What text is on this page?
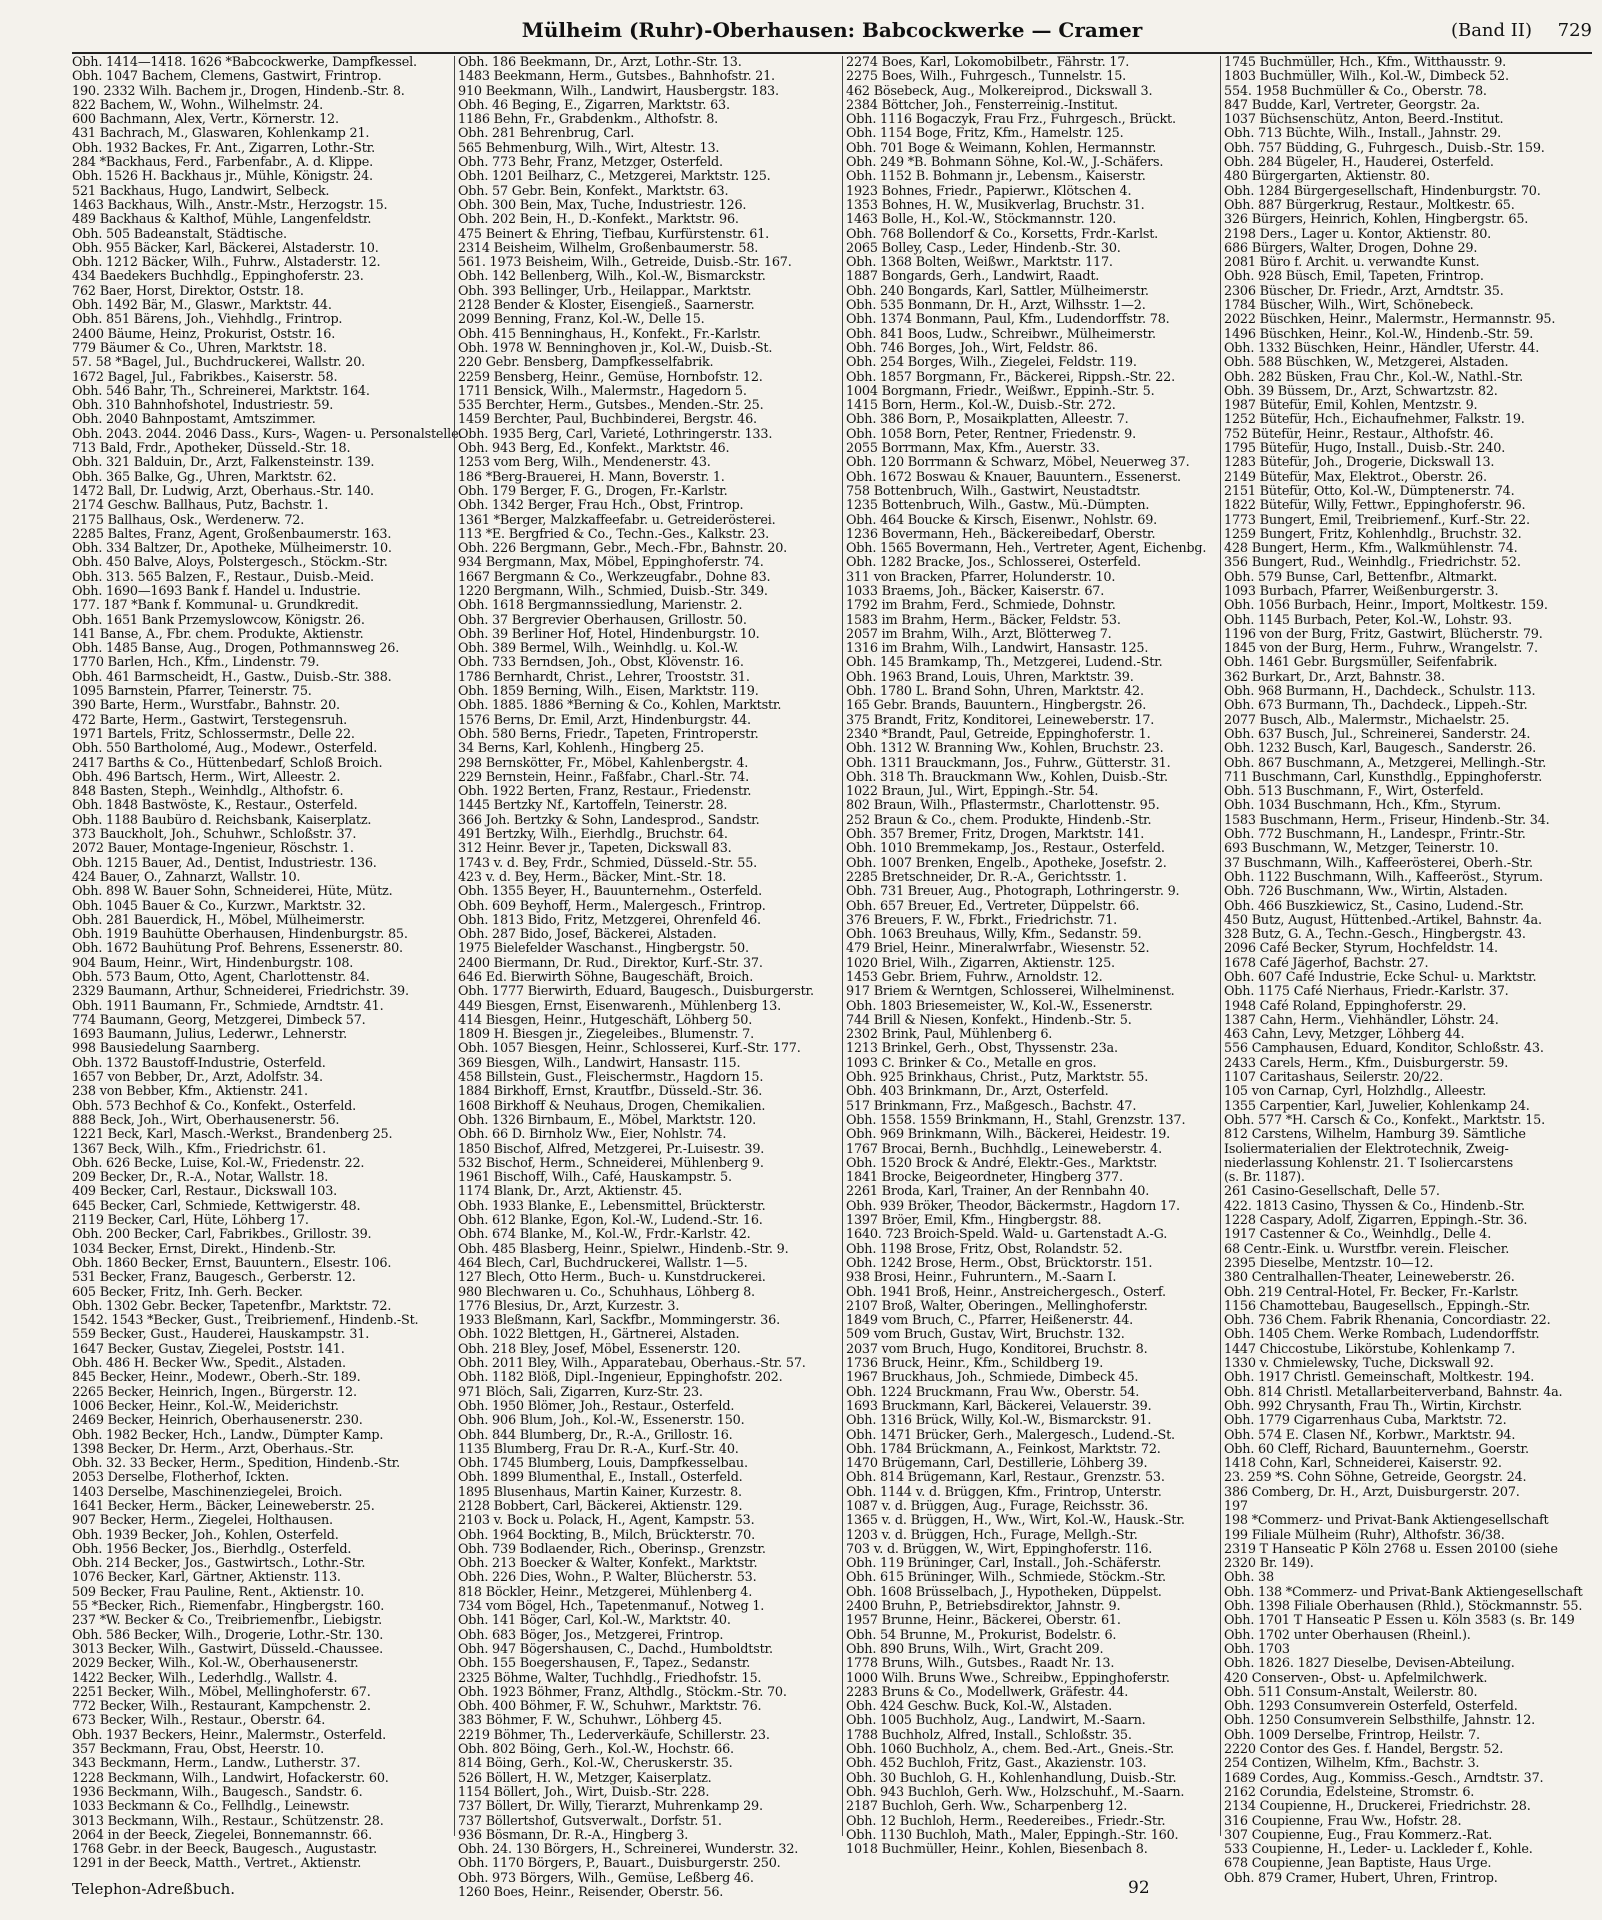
Mülheim (Ruhr)-Oberhausen: Babcockwerke — Cramer	(Band II) 729
Obh. 1414—1418. 1626 *Babcockwerke, Dampfkessel.
Obh. 1047 Bachem, Clemens, Gastwirt, Frintrop.
190. 2332 Wilh. Bachem jr., Drogen, Hindenb.-Str. 8.
822 Bachem, W., Wohn., Wilhelmstr. 24.
600 Bachmann, Alex, Vertr., Körnerstr. 12.
431 Bachrach, M., Glaswaren, Kohlenkamp 21.
Obh. 1932 Backes, Fr. Ant., Zigarren, Lothr.-Str.
284 *Backhaus, Ferd., Farbenfabr., A. d. Klippe.
Obh. 1526 H. Backhaus jr., Mühle, Königstr. 24.
521 Backhaus, Hugo, Landwirt, Selbeck.
1463 Backhaus, Wilh., Anstr.-Mstr., Herzogstr. 15.
489 Backhaus & Kalthof, Mühle, Langenfeldstr.
Obh. 505 Badeanstalt, Städtische.
Obh. 955 Bäcker, Karl, Bäckerei, Alstaderstr. 10.
Obh. 1212 Bäcker, Wilh., Fuhrw., Alstaderstr. 12.
434 Baedekers Buchhdlg., Eppinghoferstr. 23.
762 Baer, Horst, Direktor, Oststr. 18.
Obh. 1492 Bär, M., Glaswr., Marktstr. 44.
Obh. 851 Bärens, Joh., Viehhdlg., Frintrop.
2400 Bäume, Heinz, Prokurist, Oststr. 16.
779 Bäumer & Co., Uhren, Marktstr. 18.
57. 58 *Bagel, Jul., Buchdruckerei, Wallstr. 20.
1672 Bagel, Jul., Fabrikbes., Kaiserstr. 58.
Obh. 546 Bahr, Th., Schreinerei, Marktstr. 164.
Obh. 310 Bahnhofshotel, Industriestr. 59.
Obh. 2040 Bahnpostamt, Amtszimmer.
Obh. 2043. 2044. 2046 Dass., Kurs-, Wagen- u. Personalstelle.
713 Bald, Frdr., Apotheker, Düsseld.-Str. 18.
Obh. 321 Balduin, Dr., Arzt, Falkensteinstr. 139.
Obh. 365 Balke, Gg., Uhren, Marktstr. 62.
1472 Ball, Dr. Ludwig, Arzt, Oberhaus.-Str. 140.
2174 Geschw. Ballhaus, Putz, Bachstr. 1.
2175 Ballhaus, Osk., Werdenerw. 72.
2285 Baltes, Franz, Agent, Großenbaumerstr. 163.
Obh. 334 Baltzer, Dr., Apotheke, Mülheimerstr. 10.
Obh. 450 Balve, Aloys, Polstergesch., Stöckm.-Str.
Obh. 313. 565 Balzen, F., Restaur., Duisb.-Meid.
Obh. 1690—1693 Bank f. Handel u. Industrie.
177. 187 *Bank f. Kommunal- u. Grundkredit.
Obh. 1651 Bank Przemyslowcow, Königstr. 26.
141 Banse, A., Fbr. chem. Produkte, Aktienstr.
Obh. 1485 Banse, Aug., Drogen, Pothmannsweg 26.
1770 Barlen, Hch., Kfm., Lindenstr. 79.
Obh. 461 Barmscheidt, H., Gastw., Duisb.-Str. 388.
1095 Barnstein, Pfarrer, Teinerstr. 75.
390 Barte, Herm., Wurstfabr., Bahnstr. 20.
472 Barte, Herm., Gastwirt, Terstegensruh.
1971 Bartels, Fritz, Schlossermstr., Delle 22.
Obh. 550 Bartholomé, Aug., Modewr., Osterfeld.
2417 Barths & Co., Hüttenbedarf, Schloß Broich.
Obh. 496 Bartsch, Herm., Wirt, Alleestr. 2.
848 Basten, Steph., Weinhdlg., Althofstr. 6.
Obh. 1848 Bastwöste, K., Restaur., Osterfeld.
Obh. 1188 Baubüro d. Reichsbank, Kaiserplatz.
373 Bauckholt, Joh., Schuhwr., Schloßstr. 37.
2072 Bauer, Montage-Ingenieur, Röschstr. 1.
Obh. 1215 Bauer, Ad., Dentist, Industriestr. 136.
424 Bauer, O., Zahnarzt, Wallstr. 10.
Obh. 898 W. Bauer Sohn, Schneiderei, Hüte, Mütz.
Obh. 1045 Bauer & Co., Kurzwr., Marktstr. 32.
Obh. 281 Bauerdick, H., Möbel, Mülheimerstr.
Obh. 1919 Bauhütte Oberhausen, Hindenburgstr. 85.
Obh. 1672 Bauhütung Prof. Behrens, Essenerstr. 80.
904 Baum, Heinr., Wirt, Hindenburgstr. 108.
Obh. 573 Baum, Otto, Agent, Charlottenstr. 84.
2329 Baumann, Arthur, Schneiderei, Friedrichstr. 39.
Obh. 1911 Baumann, Fr., Schmiede, Arndtstr. 41.
774 Baumann, Georg, Metzgerei, Dimbeck 57.
1693 Baumann, Julius, Lederwr., Lehnerstr.
998 Bausiedelung Saarnberg.
Obh. 1372 Baustoff-Industrie, Osterfeld.
1657 von Bebber, Dr., Arzt, Adolfstr. 34.
238 von Bebber, Kfm., Aktienstr. 241.
Obh. 573 Bechhof & Co., Konfekt., Osterfeld.
888 Beck, Joh., Wirt, Oberhausenerstr. 56.
1221 Beck, Karl, Masch.-Werkst., Brandenberg 25.
1367 Beck, Wilh., Kfm., Friedrichstr. 61.
Obh. 626 Becke, Luise, Kol.-W., Friedenstr. 22.
209 Becker, Dr., R.-A., Notar, Wallstr. 18.
409 Becker, Carl, Restaur., Dickswall 103.
645 Becker, Carl, Schmiede, Kettwigerstr. 48.
2119 Becker, Carl, Hüte, Löhberg 17.
Obh. 200 Becker, Carl, Fabrikbes., Grillostr. 39.
1034 Becker, Ernst, Direkt., Hindenb.-Str.
Obh. 1860 Becker, Ernst, Bauuntern., Elsestr. 106.
531 Becker, Franz, Baugesch., Gerberstr. 12.
605 Becker, Fritz, Inh. Gerh. Becker.
Obh. 1302 Gebr. Becker, Tapetenfbr., Marktstr. 72.
1542. 1543 *Becker, Gust., Treibriemenf., Hindenb.-St.
559 Becker, Gust., Hauderei, Hauskampstr. 31.
1647 Becker, Gustav, Ziegelei, Poststr. 141.
Obh. 486 H. Becker Ww., Spedit., Alstaden.
845 Becker, Heinr., Modewr., Oberh.-Str. 189.
2265 Becker, Heinrich, Ingen., Bürgerstr. 12.
1006 Becker, Heinr., Kol.-W., Meiderichstr.
2469 Becker, Heinrich, Oberhausenerstr. 230.
Obh. 1982 Becker, Hch., Landw., Dümpter Kamp.
1398 Becker, Dr. Herm., Arzt, Oberhaus.-Str.
Obh. 32. 33 Becker, Herm., Spedition, Hindenb.-Str.
2053 Derselbe, Flotherhof, Ickten.
1403 Derselbe, Maschinenziegelei, Broich.
1641 Becker, Herm., Bäcker, Leineweberstr. 25.
907 Becker, Herm., Ziegelei, Holthausen.
Obh. 1939 Becker, Joh., Kohlen, Osterfeld.
Obh. 1956 Becker, Jos., Bierhdlg., Osterfeld.
Obh. 214 Becker, Jos., Gastwirtsch., Lothr.-Str.
1076 Becker, Karl, Gärtner, Aktienstr. 113.
509 Becker, Frau Pauline, Rent., Aktienstr. 10.
55 *Becker, Rich., Riemenfabr., Hingbergstr. 160.
237 *W. Becker & Co., Treibriemenfbr., Liebigstr.
Obh. 586 Becker, Wilh., Drogerie, Lothr.-Str. 130.
3013 Becker, Wilh., Gastwirt, Düsseld.-Chaussee.
2029 Becker, Wilh., Kol.-W., Oberhausenerstr.
1422 Becker, Wilh., Lederhdlg., Wallstr. 4.
2251 Becker, Wilh., Möbel, Mellinghoferstr. 67.
772 Becker, Wilh., Restaurant, Kampchenstr. 2.
673 Becker, Wilh., Restaur., Oberstr. 64.
Obh. 1937 Beckers, Heinr., Malermstr., Osterfeld.
357 Beckmann, Frau, Obst, Heerstr. 10.
343 Beckmann, Herm., Landw., Lutherstr. 37.
1228 Beckmann, Wilh., Landwirt, Hofackerstr. 60.
1936 Beckmann, Wilh., Baugesch., Sandstr. 6.
1033 Beckmann & Co., Fellhdlg., Leinewstr.
3013 Beckmann, Wilh., Restaur., Schützenstr. 28.
2064 in der Beeck, Ziegelei, Bonnemannstr. 66.
1768 Gebr. in der Beeck, Baugesch., Augustastr.
1291 in der Beeck, Matth., Vertret., Aktienstr.
Obh. 186 Beekmann, Dr., Arzt, Lothr.-Str. 13.
1483 Beekmann, Herm., Gutsbes., Bahnhofstr. 21.
910 Beekmann, Wilh., Landwirt, Hausbergstr. 183.
Obh. 46 Beging, E., Zigarren, Marktstr. 63.
1186 Behn, Fr., Grabdenkm., Althofstr. 8.
Obh. 281 Behrenbrug, Carl.
565 Behmenburg, Wilh., Wirt, Altestr. 13.
Obh. 773 Behr, Franz, Metzger, Osterfeld.
Obh. 1201 Beilharz, C., Metzgerei, Marktstr. 125.
Obh. 57 Gebr. Bein, Konfekt., Marktstr. 63.
Obh. 300 Bein, Max, Tuche, Industriestr. 126.
Obh. 202 Bein, H., D.-Konfekt., Marktstr. 96.
475 Beinert & Ehring, Tiefbau, Kurfürstenstr. 61.
2314 Beisheim, Wilhelm, Großenbaumerstr. 58.
561. 1973 Beisheim, Wilh., Getreide, Duisb.-Str. 167.
Obh. 142 Bellenberg, Wilh., Kol.-W., Bismarckstr.
Obh. 393 Bellinger, Urb., Heilappar., Marktstr.
2128 Bender & Kloster, Eisengieß., Saarnerstr.
2099 Benning, Franz, Kol.-W., Delle 15.
Obh. 415 Benninghaus, H., Konfekt., Fr.-Karlstr.
Obh. 1978 W. Benninghoven jr., Kol.-W., Duisb.-St.
220 Gebr. Bensberg, Dampfkesselfabrik.
2259 Bensberg, Heinr., Gemüse, Hornbofstr. 12.
1711 Bensick, Wilh., Malermstr., Hagedorn 5.
535 Berchter, Herm., Gutsbes., Menden.-Str. 25.
1459 Berchter, Paul, Buchbinderei, Bergstr. 46.
Obh. 1935 Berg, Carl, Varieté, Lothringerstr. 133.
Obh. 943 Berg, Ed., Konfekt., Marktstr. 46.
1253 vom Berg, Wilh., Mendenerstr. 43.
186 *Berg-Brauerei, H. Mann, Boverstr. 1.
Obh. 179 Berger, F. G., Drogen, Fr.-Karlstr.
Obh. 1342 Berger, Frau Hch., Obst, Frintrop.
1361 *Berger, Malzkaffeefabr. u. Getreiderösterei.
113 *E. Bergfried & Co., Techn.-Ges., Kalkstr. 23.
Obh. 226 Bergmann, Gebr., Mech.-Fbr., Bahnstr. 20.
934 Bergmann, Max, Möbel, Eppinghoferstr. 74.
1667 Bergmann & Co., Werkzeugfabr., Dohne 83.
1220 Bergmann, Wilh., Schmied, Duisb.-Str. 349.
Obh. 1618 Bergmannssiedlung, Marienstr. 2.
Obh. 37 Bergrevier Oberhausen, Grillostr. 50.
Obh. 39 Berliner Hof, Hotel, Hindenburgstr. 10.
Obh. 389 Bermel, Wilh., Weinhdlg. u. Kol.-W.
Obh. 733 Berndsen, Joh., Obst, Klövenstr. 16.
1786 Bernhardt, Christ., Lehrer, Trooststr. 31.
Obh. 1859 Berning, Wilh., Eisen, Marktstr. 119.
Obh. 1885. 1886 *Berning & Co., Kohlen, Marktstr.
1576 Berns, Dr. Emil, Arzt, Hindenburgstr. 44.
Obh. 580 Berns, Friedr., Tapeten, Frintroperstr.
34 Berns, Karl, Kohlenh., Hingberg 25.
298 Bernskötter, Fr., Möbel, Kahlenbergstr. 4.
229 Bernstein, Heinr., Faßfabr., Charl.-Str. 74.
Obh. 1922 Berten, Franz, Restaur., Friedenstr.
1445 Bertzky Nf., Kartoffeln, Teinerstr. 28.
366 Joh. Bertzky & Sohn, Landesprod., Sandstr.
491 Bertzky, Wilh., Eierhdlg., Bruchstr. 64.
312 Heinr. Bever jr., Tapeten, Dickswall 83.
1743 v. d. Bey, Frdr., Schmied, Düsseld.-Str. 55.
423 v. d. Bey, Herm., Bäcker, Mint.-Str. 18.
Obh. 1355 Beyer, H., Bauunternehm., Osterfeld.
Obh. 609 Beyhoff, Herm., Malergesch., Frintrop.
Obh. 1813 Bido, Fritz, Metzgerei, Ohrenfeld 46.
Obh. 287 Bido, Josef, Bäckerei, Alstaden.
1975 Bielefelder Waschanst., Hingbergstr. 50.
2400 Biermann, Dr. Rud., Direktor, Kurf.-Str. 37.
646 Ed. Bierwirth Söhne, Baugeschäft, Broich.
Obh. 1777 Bierwirth, Eduard, Baugesch., Duisburgerstr.
449 Biesgen, Ernst, Eisenwarenh., Mühlenberg 13.
414 Biesgen, Heinr., Hutgeschäft, Löhberg 50.
1809 H. Biesgen jr., Ziegeleibes., Blumenstr. 7.
Obh. 1057 Biesgen, Heinr., Schlosserei, Kurf.-Str. 177.
369 Biesgen, Wilh., Landwirt, Hansastr. 115.
458 Billstein, Gust., Fleischermstr., Hagdorn 15.
1884 Birkhoff, Ernst, Krautfbr., Düsseld.-Str. 36.
1608 Birkhoff & Neuhaus, Drogen, Chemikalien.
Obh. 1326 Birnbaum, E., Möbel, Marktstr. 120.
Obh. 66 D. Birnholz Ww., Eier, Nohlstr. 74.
1850 Bischof, Alfred, Metzgerei, Pr.-Luisestr. 39.
532 Bischof, Herm., Schneiderei, Mühlenberg 9.
1961 Bischoff, Wilh., Café, Hauskampstr. 5.
1174 Blank, Dr., Arzt, Aktienstr. 45.
Obh. 1933 Blanke, E., Lebensmittel, Brückterstr.
Obh. 612 Blanke, Egon, Kol.-W., Ludend.-Str. 16.
Obh. 674 Blanke, M., Kol.-W., Frdr.-Karlstr. 42.
Obh. 485 Blasberg, Heinr., Spielwr., Hindenb.-Str. 9.
464 Blech, Carl, Buchdruckerei, Wallstr. 1—5.
127 Blech, Otto Herm., Buch- u. Kunstdruckerei.
980 Blechwaren u. Co., Schuhhaus, Löhberg 8.
1776 Blesius, Dr., Arzt, Kurzestr. 3.
1933 Bleßmann, Karl, Sackfbr., Mommingerstr. 36.
Obh. 1022 Blettgen, H., Gärtnerei, Alstaden.
Obh. 218 Bley, Josef, Möbel, Essenerstr. 120.
Obh. 2011 Bley, Wilh., Apparatebau, Oberhaus.-Str. 57.
Obh. 1182 Blöß, Dipl.-Ingenieur, Eppinghofstr. 202.
971 Blöch, Sali, Zigarren, Kurz-Str. 23.
Obh. 1950 Blömer, Joh., Restaur., Osterfeld.
Obh. 906 Blum, Joh., Kol.-W., Essenerstr. 150.
Obh. 844 Blumberg, Dr., R.-A., Grillostr. 16.
1135 Blumberg, Frau Dr. R.-A., Kurf.-Str. 40.
Obh. 1745 Blumberg, Louis, Dampfkesselbau.
Obh. 1899 Blumenthal, E., Install., Osterfeld.
1895 Blusenhaus, Martin Kainer, Kurzestr. 8.
2128 Bobbert, Carl, Bäckerei, Aktienstr. 129.
2103 v. Bock u. Polack, H., Agent, Kampstr. 53.
Obh. 1964 Bockting, B., Milch, Brückterstr. 70.
Obh. 739 Bodlaender, Rich., Oberinsp., Grenzstr.
Obh. 213 Boecker & Walter, Konfekt., Marktstr.
Obh. 226 Dies, Wohn., P. Walter, Blücherstr. 53.
818 Böckler, Heinr., Metzgerei, Mühlenberg 4.
734 vom Bögel, Hch., Tapetenmanuf., Notweg 1.
Obh. 141 Böger, Carl, Kol.-W., Marktstr. 40.
Obh. 683 Böger, Jos., Metzgerei, Frintrop.
Obh. 947 Bögershausen, C., Dachd., Humboldtstr.
Obh. 155 Boegershausen, F., Tapez., Sedanstr.
2325 Böhme, Walter, Tuchhdlg., Friedhofstr. 15.
Obh. 1923 Böhmer, Franz, Althdlg., Stöckm.-Str. 70.
Obh. 400 Böhmer, F. W., Schuhwr., Marktstr. 76.
383 Böhmer, F. W., Schuhwr., Löhberg 45.
2219 Böhmer, Th., Lederverkäufe, Schillerstr. 23.
Obh. 802 Böing, Gerh., Kol.-W., Hochstr. 66.
814 Böing, Gerh., Kol.-W., Cheruskerstr. 35.
526 Böllert, H. W., Metzger, Kaiserplatz.
1154 Böllert, Joh., Wirt, Duisb.-Str. 228.
737 Böllert, Dr. Willy, Tierarzt, Muhrenkamp 29.
737 Böllertshof, Gutsverwalt., Dorfstr. 51.
936 Bösmann, Dr. R.-A., Hingberg 3.
Obh. 24. 130 Börgers, H., Schreinerei, Wunderstr. 32.
Obh. 1170 Börgers, P., Bauart., Duisburgerstr. 250.
Obh. 973 Börgers, Wilh., Gemüse, Leßberg 46.
1260 Boes, Heinr., Reisender, Oberstr. 56.
2274 Boes, Karl, Lokomobilbetr., Fährstr. 17.
2275 Boes, Wilh., Fuhrgesch., Tunnelstr. 15.
462 Bösebeck, Aug., Molkereiprod., Dickswall 3.
2384 Böttcher, Joh., Fensterreinig.-Institut.
Obh. 1116 Bogaczyk, Frau Frz., Fuhrgesch., Brückt.
Obh. 1154 Boge, Fritz, Kfm., Hamelstr. 125.
Obh. 701 Boge & Weimann, Kohlen, Hermannstr.
Obh. 249 *B. Bohmann Söhne, Kol.-W., J.-Schäfers.
Obh. 1152 B. Bohmann jr., Lebensm., Kaiserstr.
1923 Bohnes, Friedr., Papierwr., Klötschen 4.
1353 Bohnes, H. W., Musikverlag, Bruchstr. 31.
1463 Bolle, H., Kol.-W., Stöckmannstr. 120.
Obh. 768 Bollendorf & Co., Korsetts, Frdr.-Karlst.
2065 Bolley, Casp., Leder, Hindenb.-Str. 30.
Obh. 1368 Bolten, Weißwr., Marktstr. 117.
1887 Bongards, Gerh., Landwirt, Raadt.
Obh. 240 Bongards, Karl, Sattler, Mülheimerstr.
Obh. 535 Bonmann, Dr. H., Arzt, Wilhsstr. 1—2.
Obh. 1374 Bonmann, Paul, Kfm., Ludendorffstr. 78.
Obh. 841 Boos, Ludw., Schreibwr., Mülheimerstr.
Obh. 746 Borges, Joh., Wirt, Feldstr. 86.
Obh. 254 Borges, Wilh., Ziegelei, Feldstr. 119.
Obh. 1857 Borgmann, Fr., Bäckerei, Rippsh.-Str. 22.
1004 Borgmann, Friedr., Weißwr., Eppinh.-Str. 5.
1415 Born, Herm., Kol.-W., Duisb.-Str. 272.
Obh. 386 Born, P., Mosaikplatten, Alleestr. 7.
Obh. 1058 Born, Peter, Rentner, Friedenstr. 9.
2055 Borrmann, Max, Kfm., Auerstr. 33.
Obh. 120 Borrmann & Schwarz, Möbel, Neuerweg 37.
Obh. 1672 Boswau & Knauer, Bauuntern., Essenerst.
758 Bottenbruch, Wilh., Gastwirt, Neustadtstr.
1235 Bottenbruch, Wilh., Gastw., Mü.-Dümpten.
Obh. 464 Boucke & Kirsch, Eisenwr., Nohlstr. 69.
1236 Bovermann, Heh., Bäckereibedarf, Oberstr.
Obh. 1565 Bovermann, Heh., Vertreter, Agent, Eichenbg.
Obh. 1282 Bracke, Jos., Schlosserei, Osterfeld.
311 von Bracken, Pfarrer, Holunderstr. 10.
1033 Braems, Joh., Bäcker, Kaiserstr. 67.
1792 im Brahm, Ferd., Schmiede, Dohnstr.
1583 im Brahm, Herm., Bäcker, Feldstr. 53.
2057 im Brahm, Wilh., Arzt, Blötterweg 7.
1316 im Brahm, Wilh., Landwirt, Hansastr. 125.
Obh. 145 Bramkamp, Th., Metzgerei, Ludend.-Str.
Obh. 1963 Brand, Louis, Uhren, Marktstr. 39.
Obh. 1780 L. Brand Sohn, Uhren, Marktstr. 42.
165 Gebr. Brands, Bauuntern., Hingbergstr. 26.
375 Brandt, Fritz, Konditorei, Leineweberstr. 17.
2340 *Brandt, Paul, Getreide, Eppinghoferstr. 1.
Obh. 1312 W. Branning Ww., Kohlen, Bruchstr. 23.
Obh. 1311 Brauckmann, Jos., Fuhrw., Gütterstr. 31.
Obh. 318 Th. Brauckmann Ww., Kohlen, Duisb.-Str.
1022 Braun, Jul., Wirt, Eppingh.-Str. 54.
802 Braun, Wilh., Pflastermstr., Charlottenstr. 95.
252 Braun & Co., chem. Produkte, Hindenb.-Str.
Obh. 357 Bremer, Fritz, Drogen, Marktstr. 141.
Obh. 1010 Bremmekamp, Jos., Restaur., Osterfeld.
Obh. 1007 Brenken, Engelb., Apotheke, Josefstr. 2.
2285 Bretschneider, Dr. R.-A., Gerichtsstr. 1.
Obh. 731 Breuer, Aug., Photograph, Lothringerstr. 9.
Obh. 657 Breuer, Ed., Vertreter, Düppelstr. 66.
376 Breuers, F. W., Fbrkt., Friedrichstr. 71.
Obh. 1063 Breuhaus, Willy, Kfm., Sedanstr. 59.
479 Briel, Heinr., Mineralwrfabr., Wiesenstr. 52.
1020 Briel, Wilh., Zigarren, Aktienstr. 125.
1453 Gebr. Briem, Fuhrw., Arnoldstr. 12.
917 Briem & Werntgen, Schlosserei, Wilhelminenst.
Obh. 1803 Briesemeister, W., Kol.-W., Essenerstr.
744 Brill & Niesen, Konfekt., Hindenb.-Str. 5.
2302 Brink, Paul, Mühlenberg 6.
1213 Brinkel, Gerh., Obst, Thyssenstr. 23a.
1093 C. Brinker & Co., Metalle en gros.
Obh. 925 Brinkhaus, Christ., Putz, Marktstr. 55.
Obh. 403 Brinkmann, Dr., Arzt, Osterfeld.
517 Brinkmann, Frz., Maßgesch., Bachstr. 47.
Obh. 1558. 1559 Brinkmann, H., Stahl, Grenzstr. 137.
Obh. 969 Brinkmann, Wilh., Bäckerei, Heidestr. 19.
1767 Brocai, Bernh., Buchhdlg., Leineweberstr. 4.
Obh. 1520 Brock & André, Elektr.-Ges., Marktstr.
1841 Brocke, Beigeordneter, Hingberg 377.
2261 Broda, Karl, Trainer, An der Rennbahn 40.
Obh. 939 Bröker, Theodor, Bäckermstr., Hagdorn 17.
1397 Bröer, Emil, Kfm., Hingbergstr. 88.
1640. 723 Broich-Speld. Wald- u. Gartenstadt A.-G.
Obh. 1198 Brose, Fritz, Obst, Rolandstr. 52.
Obh. 1242 Brose, Herm., Obst, Brücktorstr. 151.
938 Brosi, Heinr., Fuhruntern., M.-Saarn I.
Obh. 1941 Broß, Heinr., Anstreichergesch., Osterf.
2107 Broß, Walter, Oberingen., Mellinghoferstr.
1849 vom Bruch, C., Pfarrer, Heißenerstr. 44.
509 vom Bruch, Gustav, Wirt, Bruchstr. 132.
2037 vom Bruch, Hugo, Konditorei, Bruchstr. 8.
1736 Bruck, Heinr., Kfm., Schildberg 19.
1967 Bruckhaus, Joh., Schmiede, Dimbeck 45.
Obh. 1224 Bruckmann, Frau Ww., Oberstr. 54.
1693 Bruckmann, Karl, Bäckerei, Velauerstr. 39.
Obh. 1316 Brück, Willy, Kol.-W., Bismarckstr. 91.
Obh. 1471 Brücker, Gerh., Malergesch., Ludend.-St.
Obh. 1784 Brückmann, A., Feinkost, Marktstr. 72.
1470 Brügemann, Carl, Destillerie, Löhberg 39.
Obh. 814 Brügemann, Karl, Restaur., Grenzstr. 53.
Obh. 1144 v. d. Brüggen, Kfm., Frintrop, Unterstr.
1087 v. d. Brüggen, Aug., Furage, Reichsstr. 36.
1365 v. d. Brüggen, H., Ww., Wirt, Kol.-W., Hausk.-Str.
1203 v. d. Brüggen, Hch., Furage, Mellgh.-Str.
703 v. d. Brüggen, W., Wirt, Eppinghoferstr. 116.
Obh. 119 Brüninger, Carl, Install., Joh.-Schäferstr.
Obh. 615 Brüninger, Wilh., Schmiede, Stöckm.-Str.
Obh. 1608 Brüsselbach, J., Hypotheken, Düppelst.
2400 Bruhn, P., Betriebsdirektor, Jahnstr. 9.
1957 Brunne, Heinr., Bäckerei, Oberstr. 61.
Obh. 54 Brunne, M., Prokurist, Bodelstr. 6.
Obh. 890 Bruns, Wilh., Wirt, Gracht 209.
1778 Bruns, Wilh., Gutsbes., Raadt Nr. 13.
1000 Wilh. Bruns Wwe., Schreibw., Eppinghoferstr.
2283 Bruns & Co., Modellwerk, Gräfestr. 44.
Obh. 424 Geschw. Buck, Kol.-W., Alstaden.
Obh. 1005 Buchholz, Aug., Landwirt, M.-Saarn.
1788 Buchholz, Alfred, Install., Schloßstr. 35.
Obh. 1060 Buchholz, A., chem. Bed.-Art., Gneis.-Str.
Obh. 452 Buchloh, Fritz, Gast., Akazienstr. 103.
Obh. 30 Buchloh, G. H., Kohlenhandlung, Duisb.-Str.
Obh. 943 Buchloh, Gerh. Ww., Holzschuhf., M.-Saarn.
2187 Buchloh, Gerh. Ww., Scharpenberg 12.
Obh. 12 Buchloh, Herm., Reedereibes., Friedr.-Str.
Obh. 1130 Buchloh, Math., Maler, Eppingh.-Str. 160.
1018 Buchmüller, Heinr., Kohlen, Biesenbach 8.
1745 Buchmüller, Hch., Kfm., Witthausstr. 9.
1803 Buchmüller, Wilh., Kol.-W., Dimbeck 52.
554. 1958 Buchmüller & Co., Oberstr. 78.
847 Budde, Karl, Vertreter, Georgstr. 2a.
1037 Büchsenschütz, Anton, Beerd.-Institut.
Obh. 713 Büchte, Wilh., Install., Jahnstr. 29.
Obh. 757 Büdding, G., Fuhrgesch., Duisb.-Str. 159.
Obh. 284 Bügeler, H., Hauderei, Osterfeld.
480 Bürgergarten, Aktienstr. 80.
Obh. 1284 Bürgergesellschaft, Hindenburgstr. 70.
Obh. 887 Bürgerkrug, Restaur., Moltkestr. 65.
326 Bürgers, Heinrich, Kohlen, Hingbergstr. 65.
2198 Ders., Lager u. Kontor, Aktienstr. 80.
686 Bürgers, Walter, Drogen, Dohne 29.
2081 Büro f. Archit. u. verwandte Kunst.
Obh. 928 Büsch, Emil, Tapeten, Frintrop.
2306 Büscher, Dr. Friedr., Arzt, Arndtstr. 35.
1784 Büscher, Wilh., Wirt, Schönebeck.
2022 Büschken, Heinr., Malermstr., Hermannstr. 95.
1496 Büschken, Heinr., Kol.-W., Hindenb.-Str. 59.
Obh. 1332 Büschken, Heinr., Händler, Uferstr. 44.
Obh. 588 Büschken, W., Metzgerei, Alstaden.
Obh. 282 Büsken, Frau Chr., Kol.-W., Nathl.-Str.
Obh. 39 Büssem, Dr., Arzt, Schwartzstr. 82.
1987 Bütefür, Emil, Kohlen, Mentzstr. 9.
1252 Bütefür, Hch., Eichaufnehmer, Falkstr. 19.
752 Bütefür, Heinr., Restaur., Althofstr. 46.
1795 Bütefür, Hugo, Install., Duisb.-Str. 240.
1283 Bütefür, Joh., Drogerie, Dickswall 13.
2149 Bütefür, Max, Elektrot., Oberstr. 26.
2151 Bütefür, Otto, Kol.-W., Dümptenerstr. 74.
1822 Bütefür, Willy, Fettwr., Eppinghoferstr. 96.
1773 Bungert, Emil, Treibriemenf., Kurf.-Str. 22.
1259 Bungert, Fritz, Kohlenhdlg., Bruchstr. 32.
428 Bungert, Herm., Kfm., Walkmühlenstr. 74.
356 Bungert, Rud., Weinhdlg., Friedrichstr. 52.
Obh. 579 Bunse, Carl, Bettenfbr., Altmarkt.
1093 Burbach, Pfarrer, Weißenburgerstr. 3.
Obh. 1056 Burbach, Heinr., Import, Moltkestr. 159.
Obh. 1145 Burbach, Peter, Kol.-W., Lohstr. 93.
1196 von der Burg, Fritz, Gastwirt, Blücherstr. 79.
1845 von der Burg, Herm., Fuhrw., Wrangelstr. 7.
Obh. 1461 Gebr. Burgsmüller, Seifenfabrik.
362 Burkart, Dr., Arzt, Bahnstr. 38.
Obh. 968 Burmann, H., Dachdeck., Schulstr. 113.
Obh. 673 Burmann, Th., Dachdeck., Lippeh.-Str.
2077 Busch, Alb., Malermstr., Michaelstr. 25.
Obh. 637 Busch, Jul., Schreinerei, Sanderstr. 24.
Obh. 1232 Busch, Karl, Baugesch., Sanderstr. 26.
Obh. 867 Buschmann, A., Metzgerei, Mellingh.-Str.
711 Buschmann, Carl, Kunsthdlg., Eppinghoferstr.
Obh. 513 Buschmann, F., Wirt, Osterfeld.
Obh. 1034 Buschmann, Hch., Kfm., Styrum.
1583 Buschmann, Herm., Friseur, Hindenb.-Str. 34.
Obh. 772 Buschmann, H., Landespr., Frintr.-Str.
693 Buschmann, W., Metzger, Teinerstr. 10.
37 Buschmann, Wilh., Kaffeerösterei, Oberh.-Str.
Obh. 1122 Buschmann, Wilh., Kaffeeröst., Styrum.
Obh. 726 Buschmann, Ww., Wirtin, Alstaden.
Obh. 466 Buszkiewicz, St., Casino, Ludend.-Str.
450 Butz, August, Hüttenbed.-Artikel, Bahnstr. 4a.
328 Butz, G. A., Techn.-Gesch., Hingbergstr. 43.
2096 Café Becker, Styrum, Hochfeldstr. 14.
1678 Café Jägerhof, Bachstr. 27.
Obh. 607 Café Industrie, Ecke Schul- u. Marktstr.
Obh. 1175 Café Nierhaus, Friedr.-Karlstr. 37.
1948 Café Roland, Eppinghoferstr. 29.
1387 Cahn, Herm., Viehhändler, Löhstr. 24.
463 Cahn, Levy, Metzger, Löhberg 44.
556 Camphausen, Eduard, Konditor, Schloßstr. 43.
2433 Carels, Herm., Kfm., Duisburgerstr. 59.
1107 Caritashaus, Seilerstr. 20/22.
105 von Carnap, Cyrl, Holzhdlg., Alleestr.
1355 Carpentier, Karl, Juwelier, Kohlenkamp 24.
Obh. 577 *H. Carsch & Co., Konfekt., Marktstr. 15.
812 Carstens, Wilhelm, Hamburg 39. Sämtliche
Isoliermaterialien der Elektrotechnik, Zweig-
niederlassung Kohlenstr. 21. T Isoliercarstens
(s. Br. 1187).
261 Casino-Gesellschaft, Delle 57.
422. 1813 Casino, Thyssen & Co., Hindenb.-Str.
1228 Caspary, Adolf, Zigarren, Eppingh.-Str. 36.
1917 Castenner & Co., Weinhdlg., Delle 4.
68 Centr.-Eink. u. Wurstfbr. verein. Fleischer.
2395 Dieselbe, Mentzstr. 10—12.
380 Centralhallen-Theater, Leineweberstr. 26.
Obh. 219 Central-Hotel, Fr. Becker, Fr.-Karlstr.
1156 Chamottebau, Baugesellsch., Eppingh.-Str.
Obh. 736 Chem. Fabrik Rhenania, Concordiastr. 22.
Obh. 1405 Chem. Werke Rombach, Ludendorffstr.
1447 Chiccostube, Likörstube, Kohlenkamp 7.
1330 v. Chmielewsky, Tuche, Dickswall 92.
Obh. 1917 Christl. Gemeinschaft, Moltkestr. 194.
Obh. 814 Christl. Metallarbeiterverband, Bahnstr. 4a.
Obh. 992 Chrysanth, Frau Th., Wirtin, Kirchstr.
Obh. 1779 Cigarrenhaus Cuba, Marktstr. 72.
Obh. 574 E. Clasen Nf., Korbwr., Marktstr. 94.
Obh. 60 Cleff, Richard, Bauunternehm., Goerstr.
1418 Cohn, Karl, Schneiderei, Kaiserstr. 92.
23. 259 *S. Cohn Söhne, Getreide, Georgstr. 24.
386 Comberg, Dr. H., Arzt, Duisburgerstr. 207.
197
198 *Commerz- und Privat-Bank Aktiengesellschaft
199 Filiale Mülheim (Ruhr), Althofstr. 36/38.
2319 T Hanseatic P Köln 2768 u. Essen 20100 (siehe
2320 Br. 149).
Obh. 38
Obh. 138 *Commerz- und Privat-Bank Aktiengesellschaft
Obh. 1398 Filiale Oberhausen (Rhld.), Stöckmannstr. 55.
Obh. 1701 T Hanseatic P Essen u. Köln 3583 (s. Br. 149
Obh. 1702 unter Oberhausen (Rheinl.).
Obh. 1703
Obh. 1826. 1827 Dieselbe, Devisen-Abteilung.
420 Conserven-, Obst- u. Apfelmilchwerk.
Obh. 511 Consum-Anstalt, Weilerstr. 80.
Obh. 1293 Consumverein Osterfeld, Osterfeld.
Obh. 1250 Consumverein Selbsthilfe, Jahnstr. 12.
Obh. 1009 Derselbe, Frintrop, Heilstr. 7.
2220 Contor des Ges. f. Handel, Bergstr. 52.
254 Contizen, Wilhelm, Kfm., Bachstr. 3.
1689 Cordes, Aug., Kommiss.-Gesch., Arndtstr. 37.
2162 Corundia, Edelsteine, Stromstr. 6.
2134 Coupienne, H., Druckerei, Friedrichstr. 28.
316 Coupienne, Frau Ww., Hofstr. 28.
307 Coupienne, Eug., Frau Kommerz.-Rat.
533 Coupienne, H., Leder- u. Lackleder f., Kohle.
678 Coupienne, Jean Baptiste, Haus Urge.
Obh. 879 Cramer, Hubert, Uhren, Frintrop.
Telephon-Adreßbuch.	92
